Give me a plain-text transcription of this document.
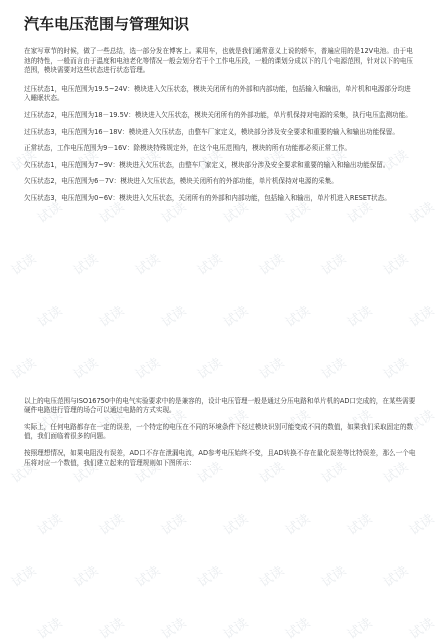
试读 试读 试读 试读 试读 试读 试读
试读 试读 试读 试读 试读 试读 试读
试读 试读 试读 试读 试读 试读 试读
试读 试读 试读 试读 试读 试读 试读
试读 试读 试读 试读 试读 试读 试读
试读 试读 试读 试读 试读 试读 试读
试读 试读 试读 试读 试读 试读 试读
试读 试读 试读 试读 试读 试读 试读
试读 试读 试读 试读 试读 试读 试读
试读 试读 试读 试读 试读 试读 试读
汽车电压范围与管理知识

在家写章节的时候，做了一些总结，选一部分发在博客上。乘用车，也就是我们通常意义上说的轿车，普遍应用的是12V电池。由于电池的特性，一般而言由于温度和电池老化等情况一般会划分若干个工作电压段，一般的课划分成以下的几个电源范围，针对以下的电压范围，模块需要对这些状态进行状态管理。

过压状态1，电压范围为19.5~24V：模块进入欠压状态，模块关闭所有的外部和内部功能，包括输入和输出，单片机和电源部分均进入睡眠状态。

过压状态2，电压范围为18－19.5V：模块进入欠压状态，模块关闭所有的外部功能，单片机保持对电源的采集，执行电压监测功能。

过压状态3，电压范围为16－18V：模块进入欠压状态，由整车厂家定义，模块部分涉及安全要求和重要的输入和输出功能保留。

正常状态，工作电压范围为9－16V：除模块特殊规定外，在这个电压范围内，模块的所有功能都必须正常工作。

欠压状态1，电压范围为7~9V：模块进入欠压状态，由整车厂家定义，模块部分涉及安全要求和重要的输入和输出功能保留。

欠压状态2，电压范围为6－7V：模块进入欠压状态，模块关闭所有的外部功能，单片机保持对电源的采集。

欠压状态3，电压范围为0~6V：模块进入欠压状态，关闭所有的外部和内部功能，包括输入和输出，单片机进入RESET状态。

以上的电压范围与ISO16750中的电气实验要求中的是兼容的，设计电压管理一般是通过分压电路和单片机的AD口完成的，在某些需要硬件电路进行管理的场合可以通过电路的方式实现。

实际上，任何电路都存在一定的误差，一个特定的电压在不同的环境条件下经过模块识别可能变成不同的数值，如果我们采取固定的数值，我们面临着很多的问题。

按照理想情况，如果电阻没有误差，AD口不存在泄漏电流，AD参考电压始终不变，且AD转换不存在量化误差等比特误差，那么一个电压将对应一个数值，我们建立起来的管理规则如下图所示：
